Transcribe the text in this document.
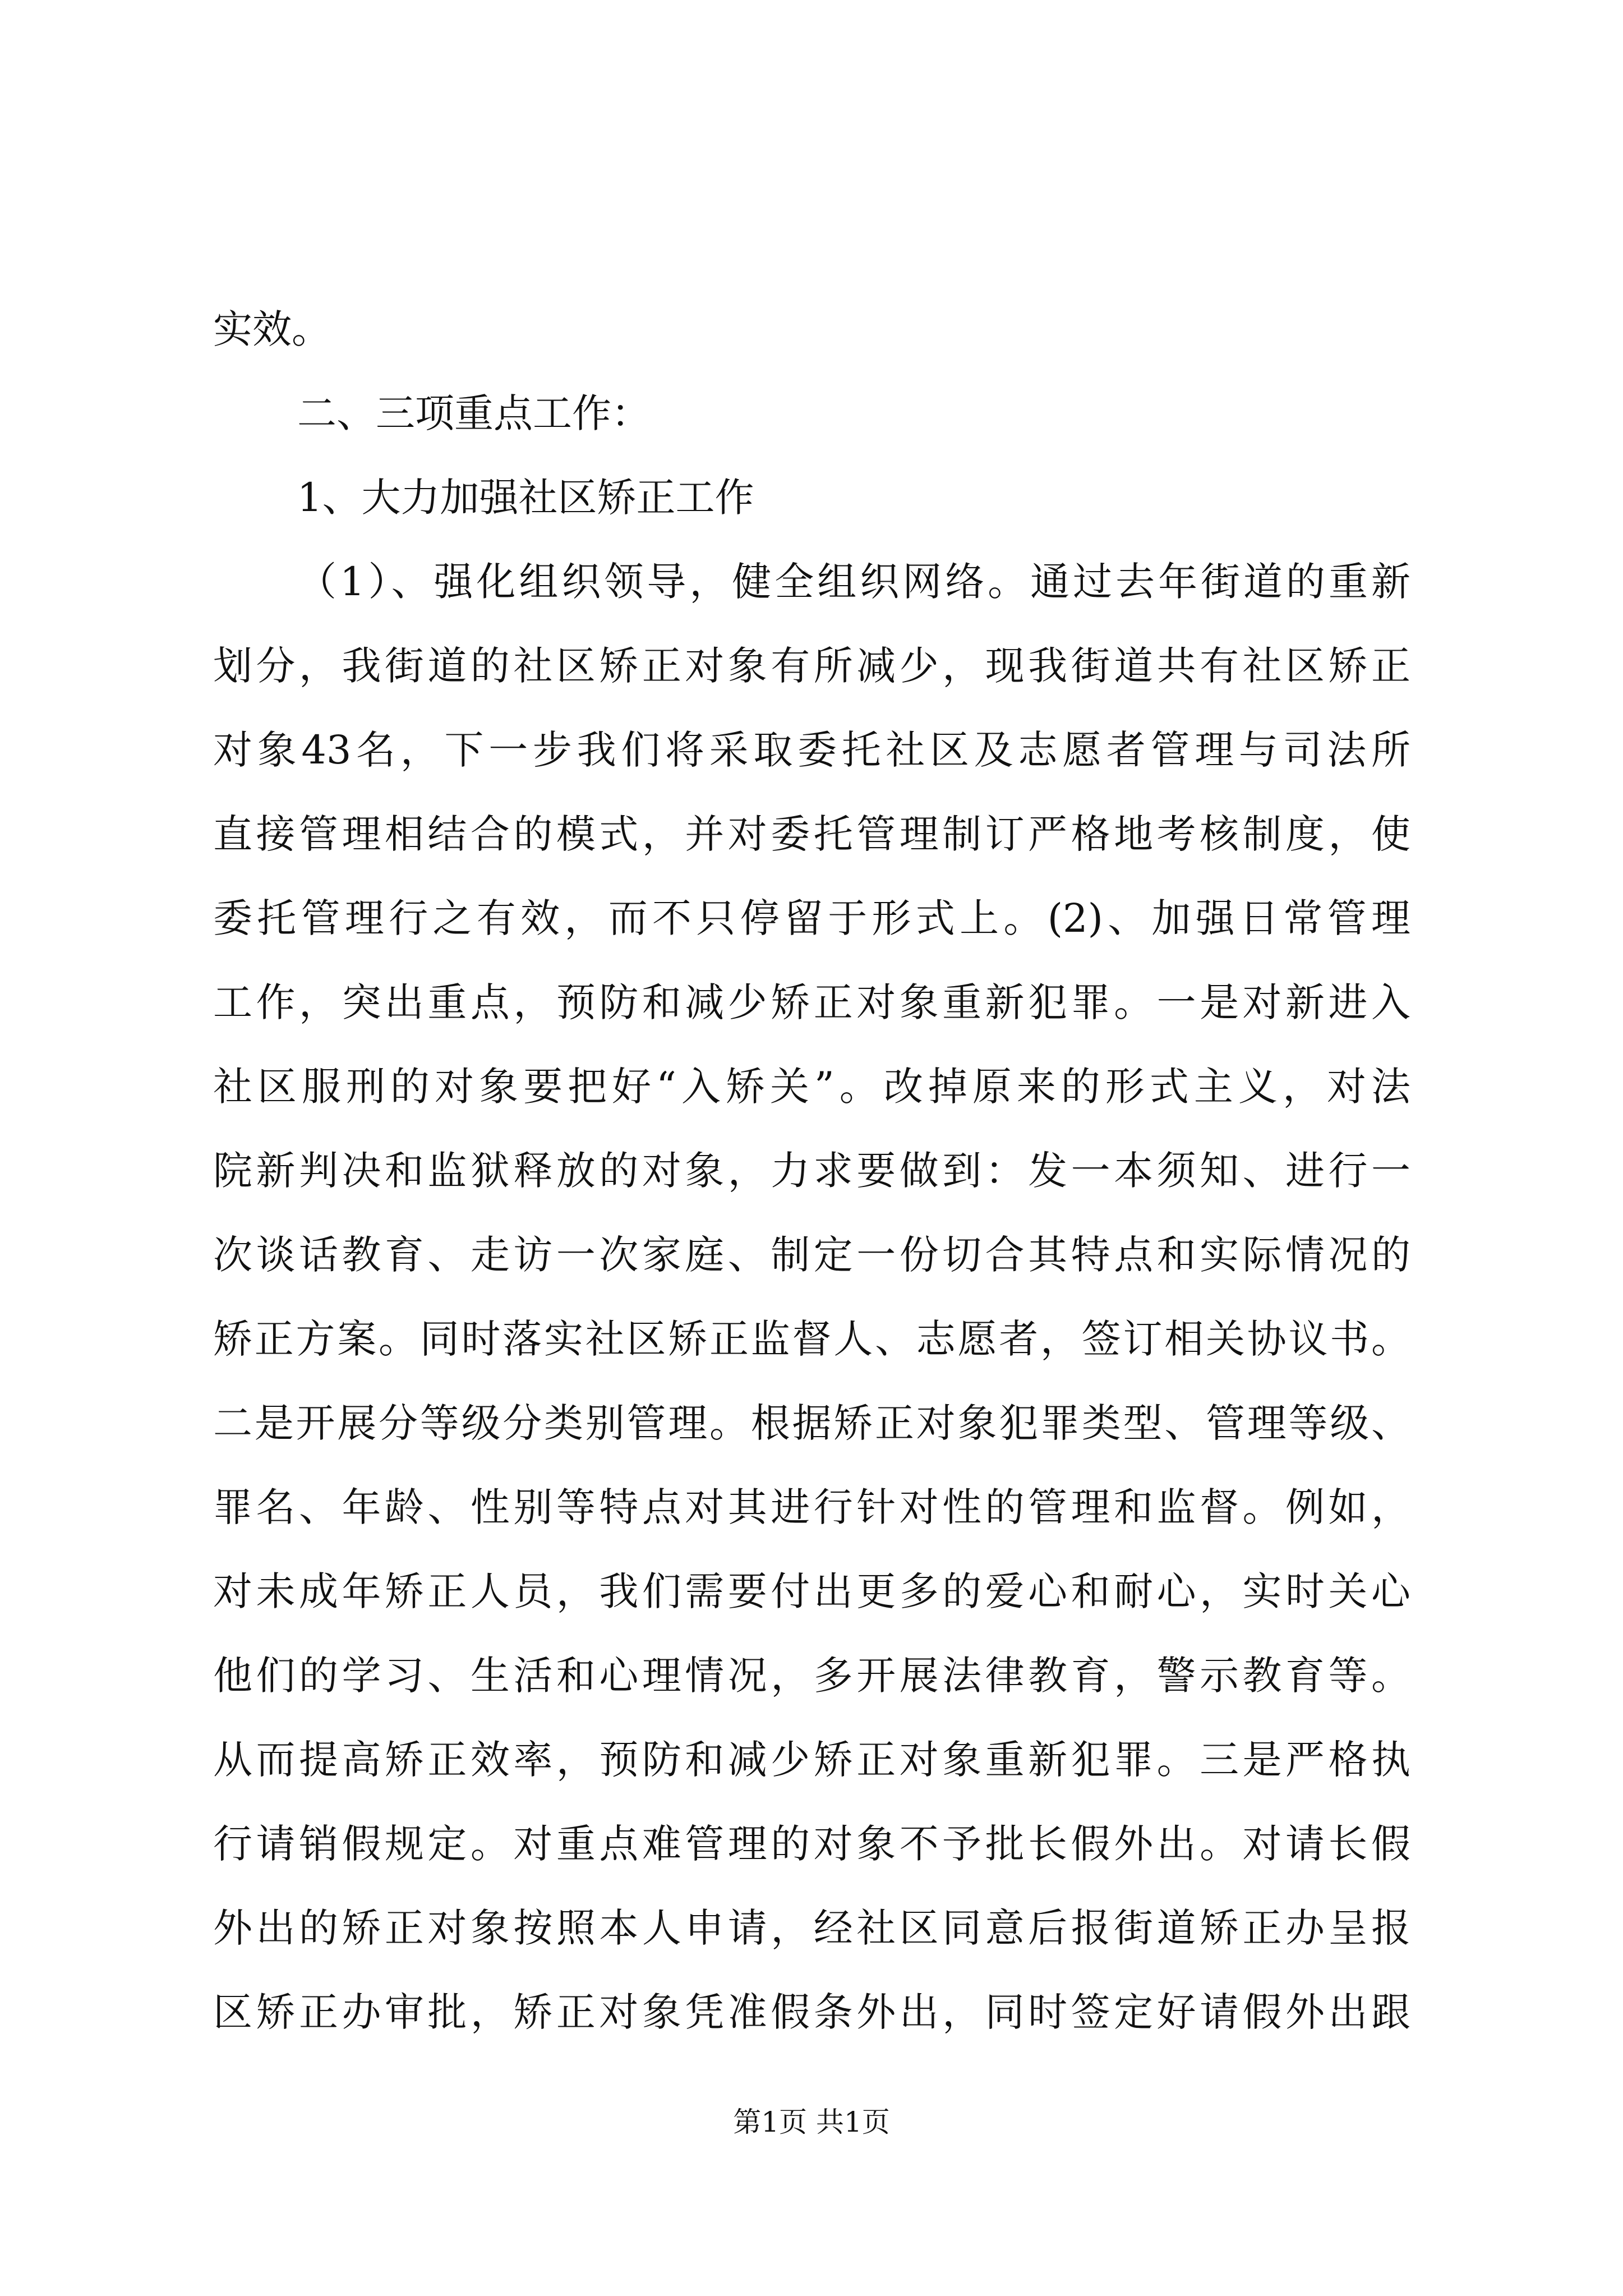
实效。
二、三项重点工作：
1、大力加强社区矫正工作
（1）、强化组织领导，健全组织网络。通过去年街道的重新
划分，我街道的社区矫正对象有所减少，现我街道共有社区矫正
对象43名，下一步我们将采取委托社区及志愿者管理与司法所
直接管理相结合的模式，并对委托管理制订严格地考核制度，使
委托管理行之有效，而不只停留于形式上。(2)、加强日常管理
工作，突出重点，预防和减少矫正对象重新犯罪。一是对新进入
社区服刑的对象要把好“入矫关”。改掉原来的形式主义，对法
院新判决和监狱释放的对象，力求要做到：发一本须知、进行一
次谈话教育、走访一次家庭、制定一份切合其特点和实际情况的
矫正方案。同时落实社区矫正监督人、志愿者，签订相关协议书。
二是开展分等级分类别管理。根据矫正对象犯罪类型、管理等级、
罪名、年龄、性别等特点对其进行针对性的管理和监督。例如，
对未成年矫正人员，我们需要付出更多的爱心和耐心，实时关心
他们的学习、生活和心理情况，多开展法律教育，警示教育等。
从而提高矫正效率，预防和减少矫正对象重新犯罪。三是严格执
行请销假规定。对重点难管理的对象不予批长假外出。对请长假
外出的矫正对象按照本人申请，经社区同意后报街道矫正办呈报
区矫正办审批，矫正对象凭准假条外出，同时签定好请假外出跟
第1页 共1页
